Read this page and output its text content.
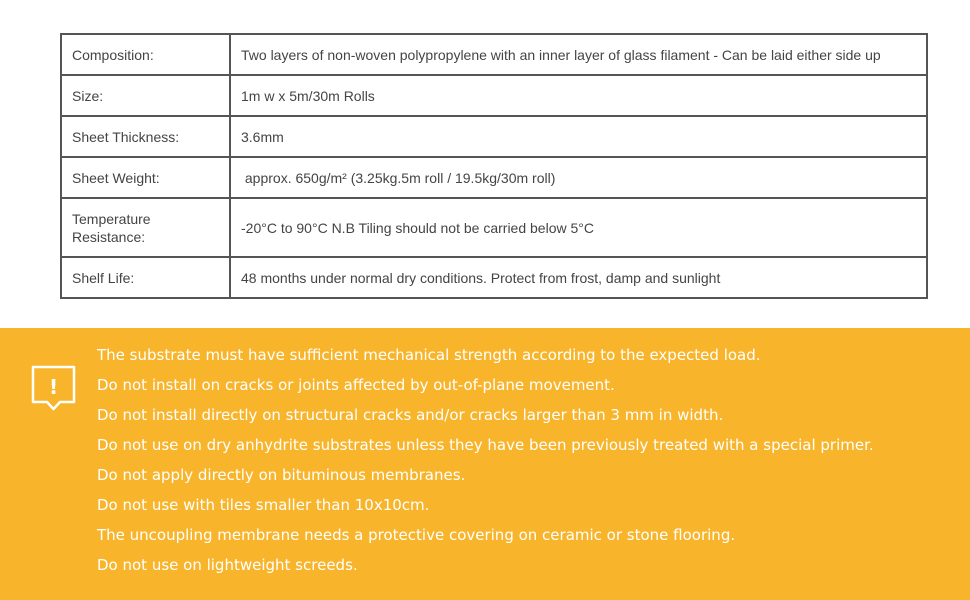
Composition:	Two layers of non-woven polypropylene with an inner layer of glass filament - Can be laid either side up
Size:	1m w x 5m/30m Rolls
Sheet Thickness:	3.6mm
Sheet Weight:	approx. 650g/m² (3.25kg.5m roll / 19.5kg/30m roll)
Temperature Resistance:	-20°C to 90°C N.B Tiling should not be carried below 5°C
Shelf Life:	48 months under normal dry conditions. Protect from frost, damp and sunlight
!
The substrate must have sufficient mechanical strength according to the expected load.
Do not install on cracks or joints affected by out-of-plane movement.
Do not install directly on structural cracks and/or cracks larger than 3 mm in width.
Do not use on dry anhydrite substrates unless they have been previously treated with a special primer.
Do not apply directly on bituminous membranes.
Do not use with tiles smaller than 10x10cm.
The uncoupling membrane needs a protective covering on ceramic or stone flooring.
Do not use on lightweight screeds.
